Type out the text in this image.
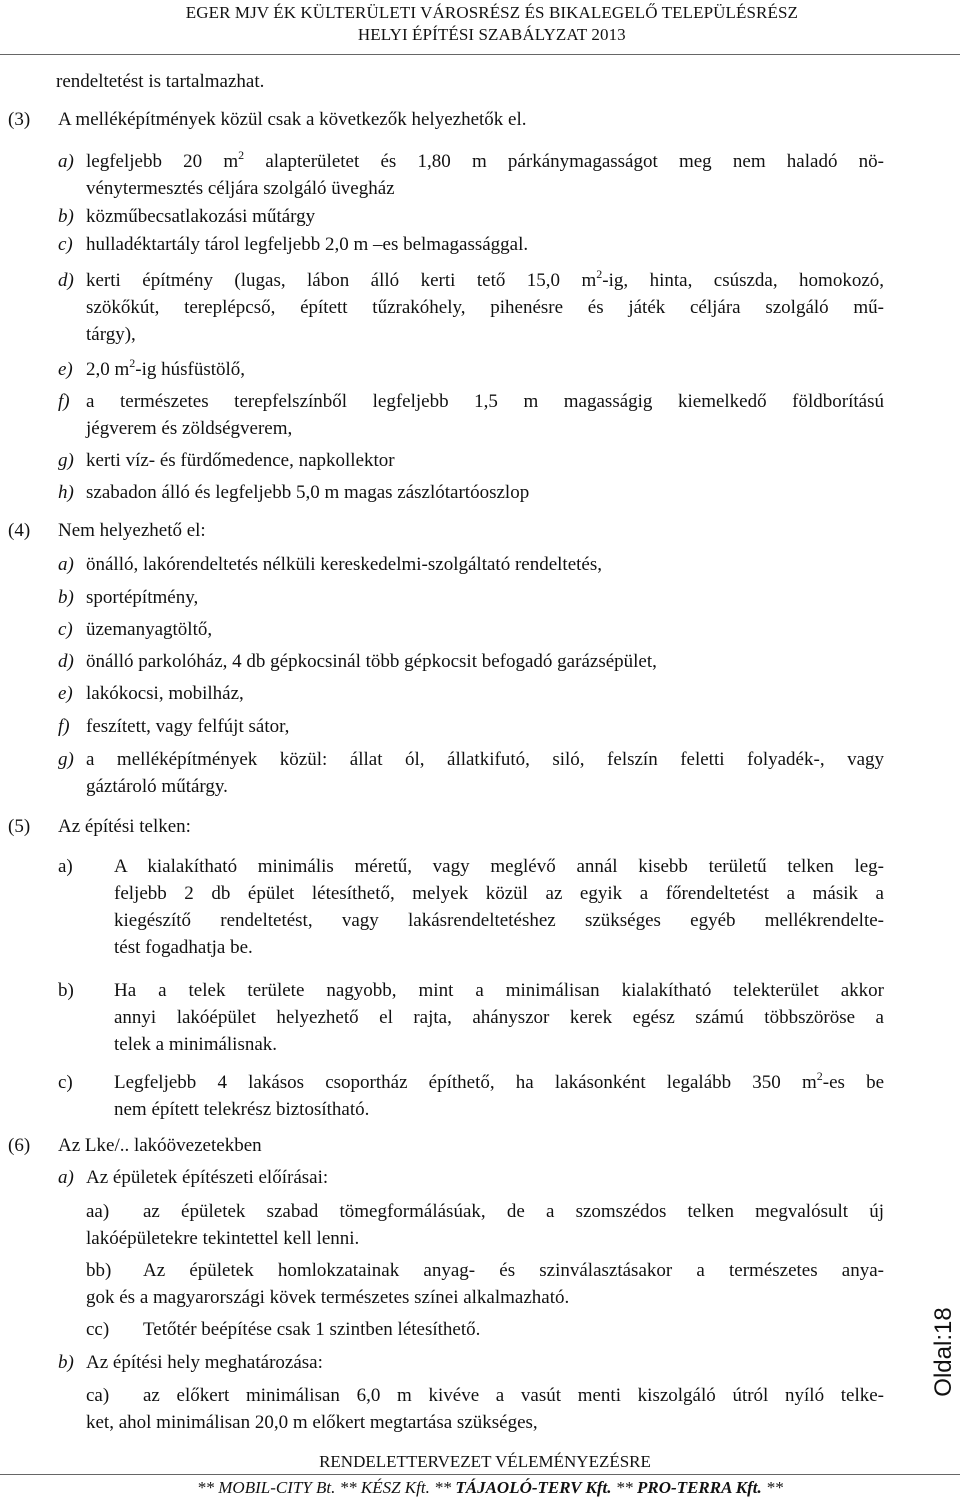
EGER MJV ÉK KÜLTERÜLETI VÁROSRÉSZ ÉS BIKALEGELŐ TELEPÜLÉSRÉSZ
HELYI ÉPÍTÉSI SZABÁLYZAT 2013
rendeltetést is tartalmazhat.
(3) A melléképítmények közül csak a következők helyezhetők el.
a) legfeljebb 20 $m^2$ alapterületet és 1,80 m párkánymagasságot meg nem haladó nö-
vénytermesztés céljára szolgáló üvegház
b) közműbecsatlakozási műtárgy
c) hulladéktartály tárol legfeljebb 2,0 m –es belmagassággal.
d) kerti építmény (lugas, lábon álló kerti tető 15,0 $m^2-ig$, hinta, csúszda, homokozó,
szökőkút, tereplépcső, épített tűzrakóhely, pihenésre és játék céljára szolgáló mű-
tárgy),
e) 2,0 $m^2-ig$ húsfüstölő,
f) a természetes terepfelszínből legfeljebb 1,5 m magasságig kiemelkedő földborítású
jégverem és zöldségverem,
g) kerti víz- és fürdőmedence, napkollektor
h) szabadon álló és legfeljebb 5,0 m magas zászlótartóoszlop
(4) Nem helyezhető el:
a) önálló, lakórendeltetés nélküli kereskedelmi-szolgáltató rendeltetés,
b) sportépítmény,
c) üzemanyagtöltő,
d) önálló parkolóház, 4 db gépkocsinál több gépkocsit befogadó garázsépület,
e) lakókocsi, mobilház,
f) feszített, vagy felfújt sátor,
g) a melléképítmények közül: állat ól, állatkifutó, siló, felszín feletti folyadék-, vagy
gáztároló műtárgy.
(5) Az építési telken:
a) A kialakítható minimális méretű, vagy meglévő annál kisebb területű telken leg-
feljebb 2 db épület létesíthető, melyek közül az egyik a főrendeltetést a másik a
kiegészítő rendeltetést, vagy lakásrendeltetéshez szükséges egyéb mellékrendelte-
tést fogadhatja be.
b) Ha a telek területe nagyobb, mint a minimálisan kialakítható telekterület akkor
annyi lakóépület helyezhető el rajta, ahányszor kerek egész számú többszöröse a
telek a minimálisnak.
c) Legfeljebb 4 lakásos csoportház építhető, ha lakásonként legalább 350 $m^2-es$ be
nem épített telekrész biztosítható.
(6) Az Lke/.. lakóövezetekben
a) Az épületek építészeti előírásai:
aa) az épületek szabad tömegformálásúak, de a szomszédos telken megvalósult új
lakóépületekre tekintettel kell lenni.
bb) Az épületek homlokzatainak anyag- és szinválasztásakor a természetes anya-
gok és a magyarországi kövek természetes színei alkalmazható.
cc) Tetőtér beépítése csak 1 szintben létesíthető.
b) Az építési hely meghatározása:
ca) az előkert minimálisan 6,0 m kivéve a vasút menti kiszolgáló útról nyíló telke-
ket, ahol minimálisan 20,0 m előkert megtartása szükséges,
Oldal:18
RENDELETTERVEZET VÉLEMÉNYEZÉSRE
** MOBIL-CITY Bt. ** KÉSZ Kft. ** TÁJAOLÓ-TERV Kft. ** PRO-TERRA Kft. **
